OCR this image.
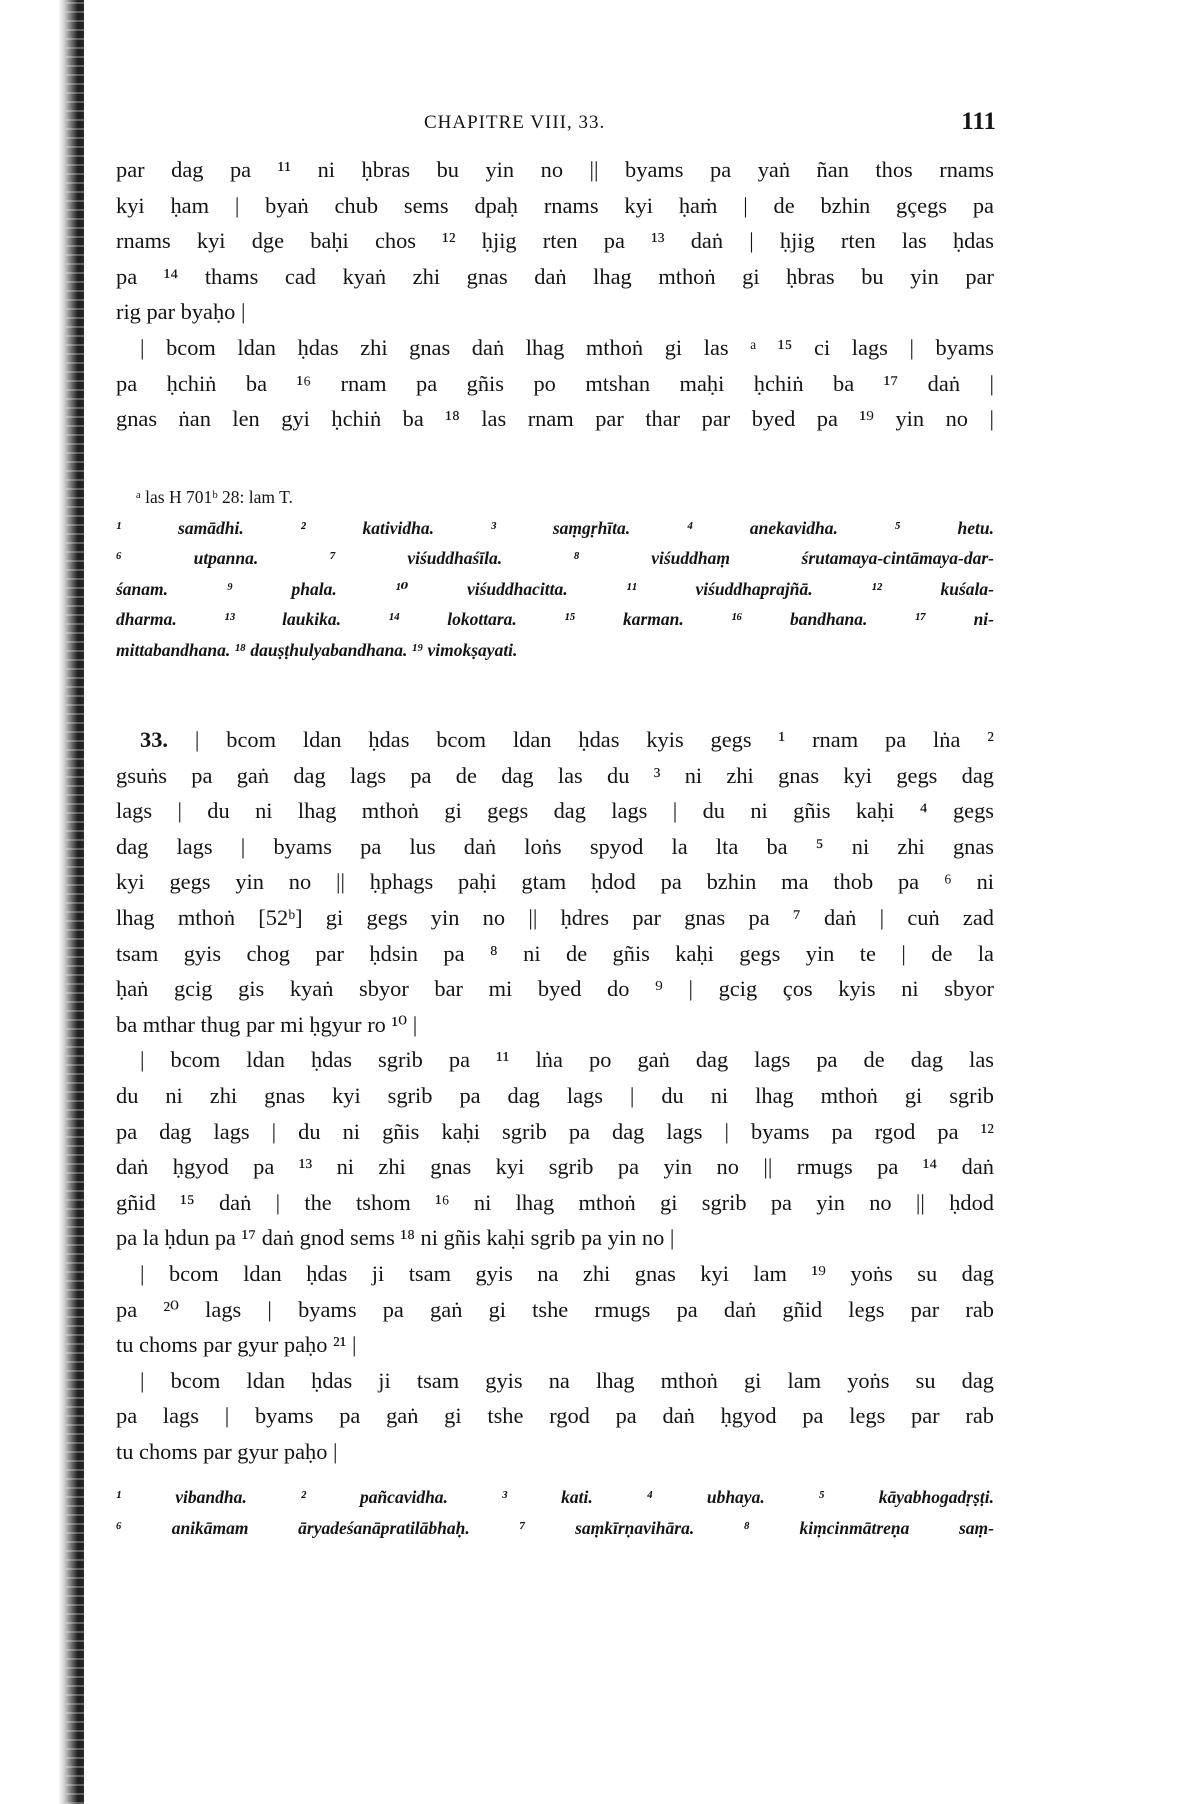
CHAPITRE VIII, 33.	111
par dag pa ¹¹ ni ḥbras bu yin no || byams pa yaṅ ñan thos rnams
kyi ḥam | byaṅ chub sems dpaḥ rnams kyi ḥaṁ | de bzhin gçegs pa
rnams kyi dge baḥi chos ¹² ḥjig rten pa ¹³ daṅ | ḥjig rten las ḥdas
pa ¹⁴ thams cad kyaṅ zhi gnas daṅ lhag mthoṅ gi ḥbras bu yin par
rig par byaḥo |
| bcom ldan ḥdas zhi gnas daṅ lhag mthoṅ gi las ᵃ ¹⁵ ci lags | byams
pa ḥchiṅ ba ¹⁶ rnam pa gñis po mtshan maḥi ḥchiṅ ba ¹⁷ daṅ |
gnas ṅan len gyi ḥchiṅ ba ¹⁸ las rnam par thar par byed pa ¹⁹ yin no |
ᵃ las H 701ᵇ 28: lam T.
¹ samādhi. ² katividha. ³ saṃgṛhīta. ⁴ anekavidha. ⁵ hetu.
⁶ utpanna. ⁷ viśuddhaśīla. ⁸ viśuddhaṃ śrutamaya-cintāmaya-dar-
śanam. ⁹ phala. ¹⁰ viśuddhacitta. ¹¹ viśuddhaprajñā. ¹² kuśala-
dharma. ¹³ laukika. ¹⁴ lokottara. ¹⁵ karman. ¹⁶ bandhana. ¹⁷ ni-
mittabandhana. ¹⁸ dauṣṭhulyabandhana. ¹⁹ vimokṣayati.
33. | bcom ldan ḥdas bcom ldan ḥdas kyis gegs ¹ rnam pa lṅa ²
gsuṅs pa gaṅ dag lags pa de dag las du ³ ni zhi gnas kyi gegs dag
lags | du ni lhag mthoṅ gi gegs dag lags | du ni gñis kaḥi ⁴ gegs
dag lags | byams pa lus daṅ loṅs spyod la lta ba ⁵ ni zhi gnas
kyi gegs yin no || ḥphags paḥi gtam ḥdod pa bzhin ma thob pa ⁶ ni
lhag mthoṅ [52ᵇ] gi gegs yin no || ḥdres par gnas pa ⁷ daṅ | cuṅ zad
tsam gyis chog par ḥdsin pa ⁸ ni de gñis kaḥi gegs yin te | de la
ḥaṅ gcig gis kyaṅ sbyor bar mi byed do ⁹ | gcig ços kyis ni sbyor
ba mthar thug par mi ḥgyur ro ¹⁰ |
| bcom ldan ḥdas sgrib pa ¹¹ lṅa po gaṅ dag lags pa de dag las
du ni zhi gnas kyi sgrib pa dag lags | du ni lhag mthoṅ gi sgrib
pa dag lags | du ni gñis kaḥi sgrib pa dag lags | byams pa rgod pa ¹²
daṅ ḥgyod pa ¹³ ni zhi gnas kyi sgrib pa yin no || rmugs pa ¹⁴ daṅ
gñid ¹⁵ daṅ | the tshom ¹⁶ ni lhag mthoṅ gi sgrib pa yin no || ḥdod
pa la ḥdun pa ¹⁷ daṅ gnod sems ¹⁸ ni gñis kaḥi sgrib pa yin no |
| bcom ldan ḥdas ji tsam gyis na zhi gnas kyi lam ¹⁹ yoṅs su dag
pa ²⁰ lags | byams pa gaṅ gi tshe rmugs pa daṅ gñid legs par rab
tu choms par gyur paḥo ²¹ |
| bcom ldan ḥdas ji tsam gyis na lhag mthoṅ gi lam yoṅs su dag
pa lags | byams pa gaṅ gi tshe rgod pa daṅ ḥgyod pa legs par rab
tu choms par gyur paḥo |
¹ vibandha. ² pañcavidha. ³ kati. ⁴ ubhaya. ⁵ kāyabhogadṛṣṭi.
⁶ anikāmam āryadeśanāpratilābhaḥ. ⁷ saṃkīrṇavihāra. ⁸ kiṃcinmātreṇa saṃ-
